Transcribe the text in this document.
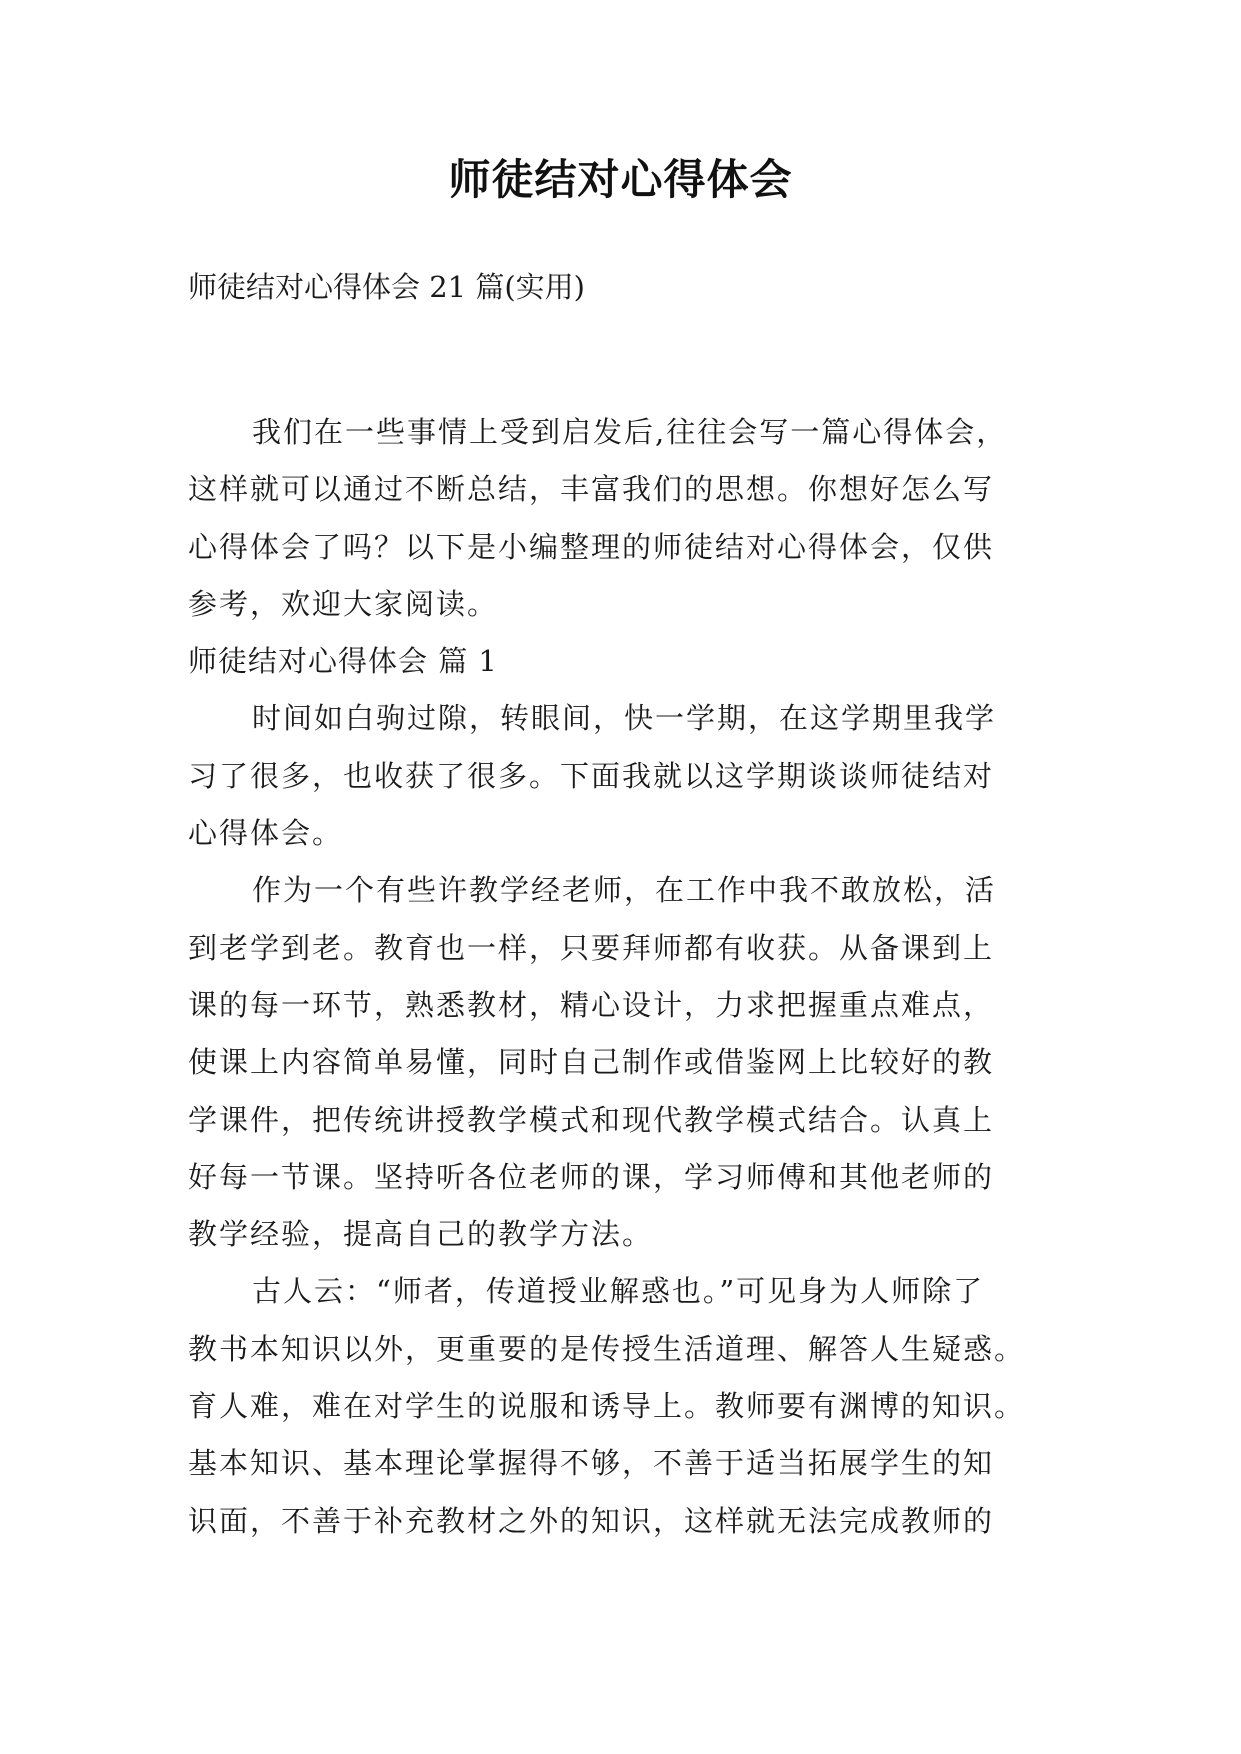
师徒结对心得体会
师徒结对心得体会 21 篇(实用)
我们在一些事情上受到启发后,往往会写一篇心得体会，
这样就可以通过不断总结，丰富我们的思想。你想好怎么写
心得体会了吗？以下是小编整理的师徒结对心得体会，仅供
参考，欢迎大家阅读。
师徒结对心得体会 篇 1
时间如白驹过隙，转眼间，快一学期，在这学期里我学
习了很多，也收获了很多。下面我就以这学期谈谈师徒结对
心得体会。
作为一个有些许教学经老师，在工作中我不敢放松，活
到老学到老。教育也一样，只要拜师都有收获。从备课到上
课的每一环节，熟悉教材，精心设计，力求把握重点难点，
使课上内容简单易懂，同时自己制作或借鉴网上比较好的教
学课件，把传统讲授教学模式和现代教学模式结合。认真上
好每一节课。坚持听各位老师的课，学习师傅和其他老师的
教学经验，提高自己的教学方法。
古人云：“师者，传道授业解惑也。”可见身为人师除了
教书本知识以外，更重要的是传授生活道理、解答人生疑惑。
育人难，难在对学生的说服和诱导上。教师要有渊博的知识。
基本知识、基本理论掌握得不够，不善于适当拓展学生的知
识面，不善于补充教材之外的知识，这样就无法完成教师的
